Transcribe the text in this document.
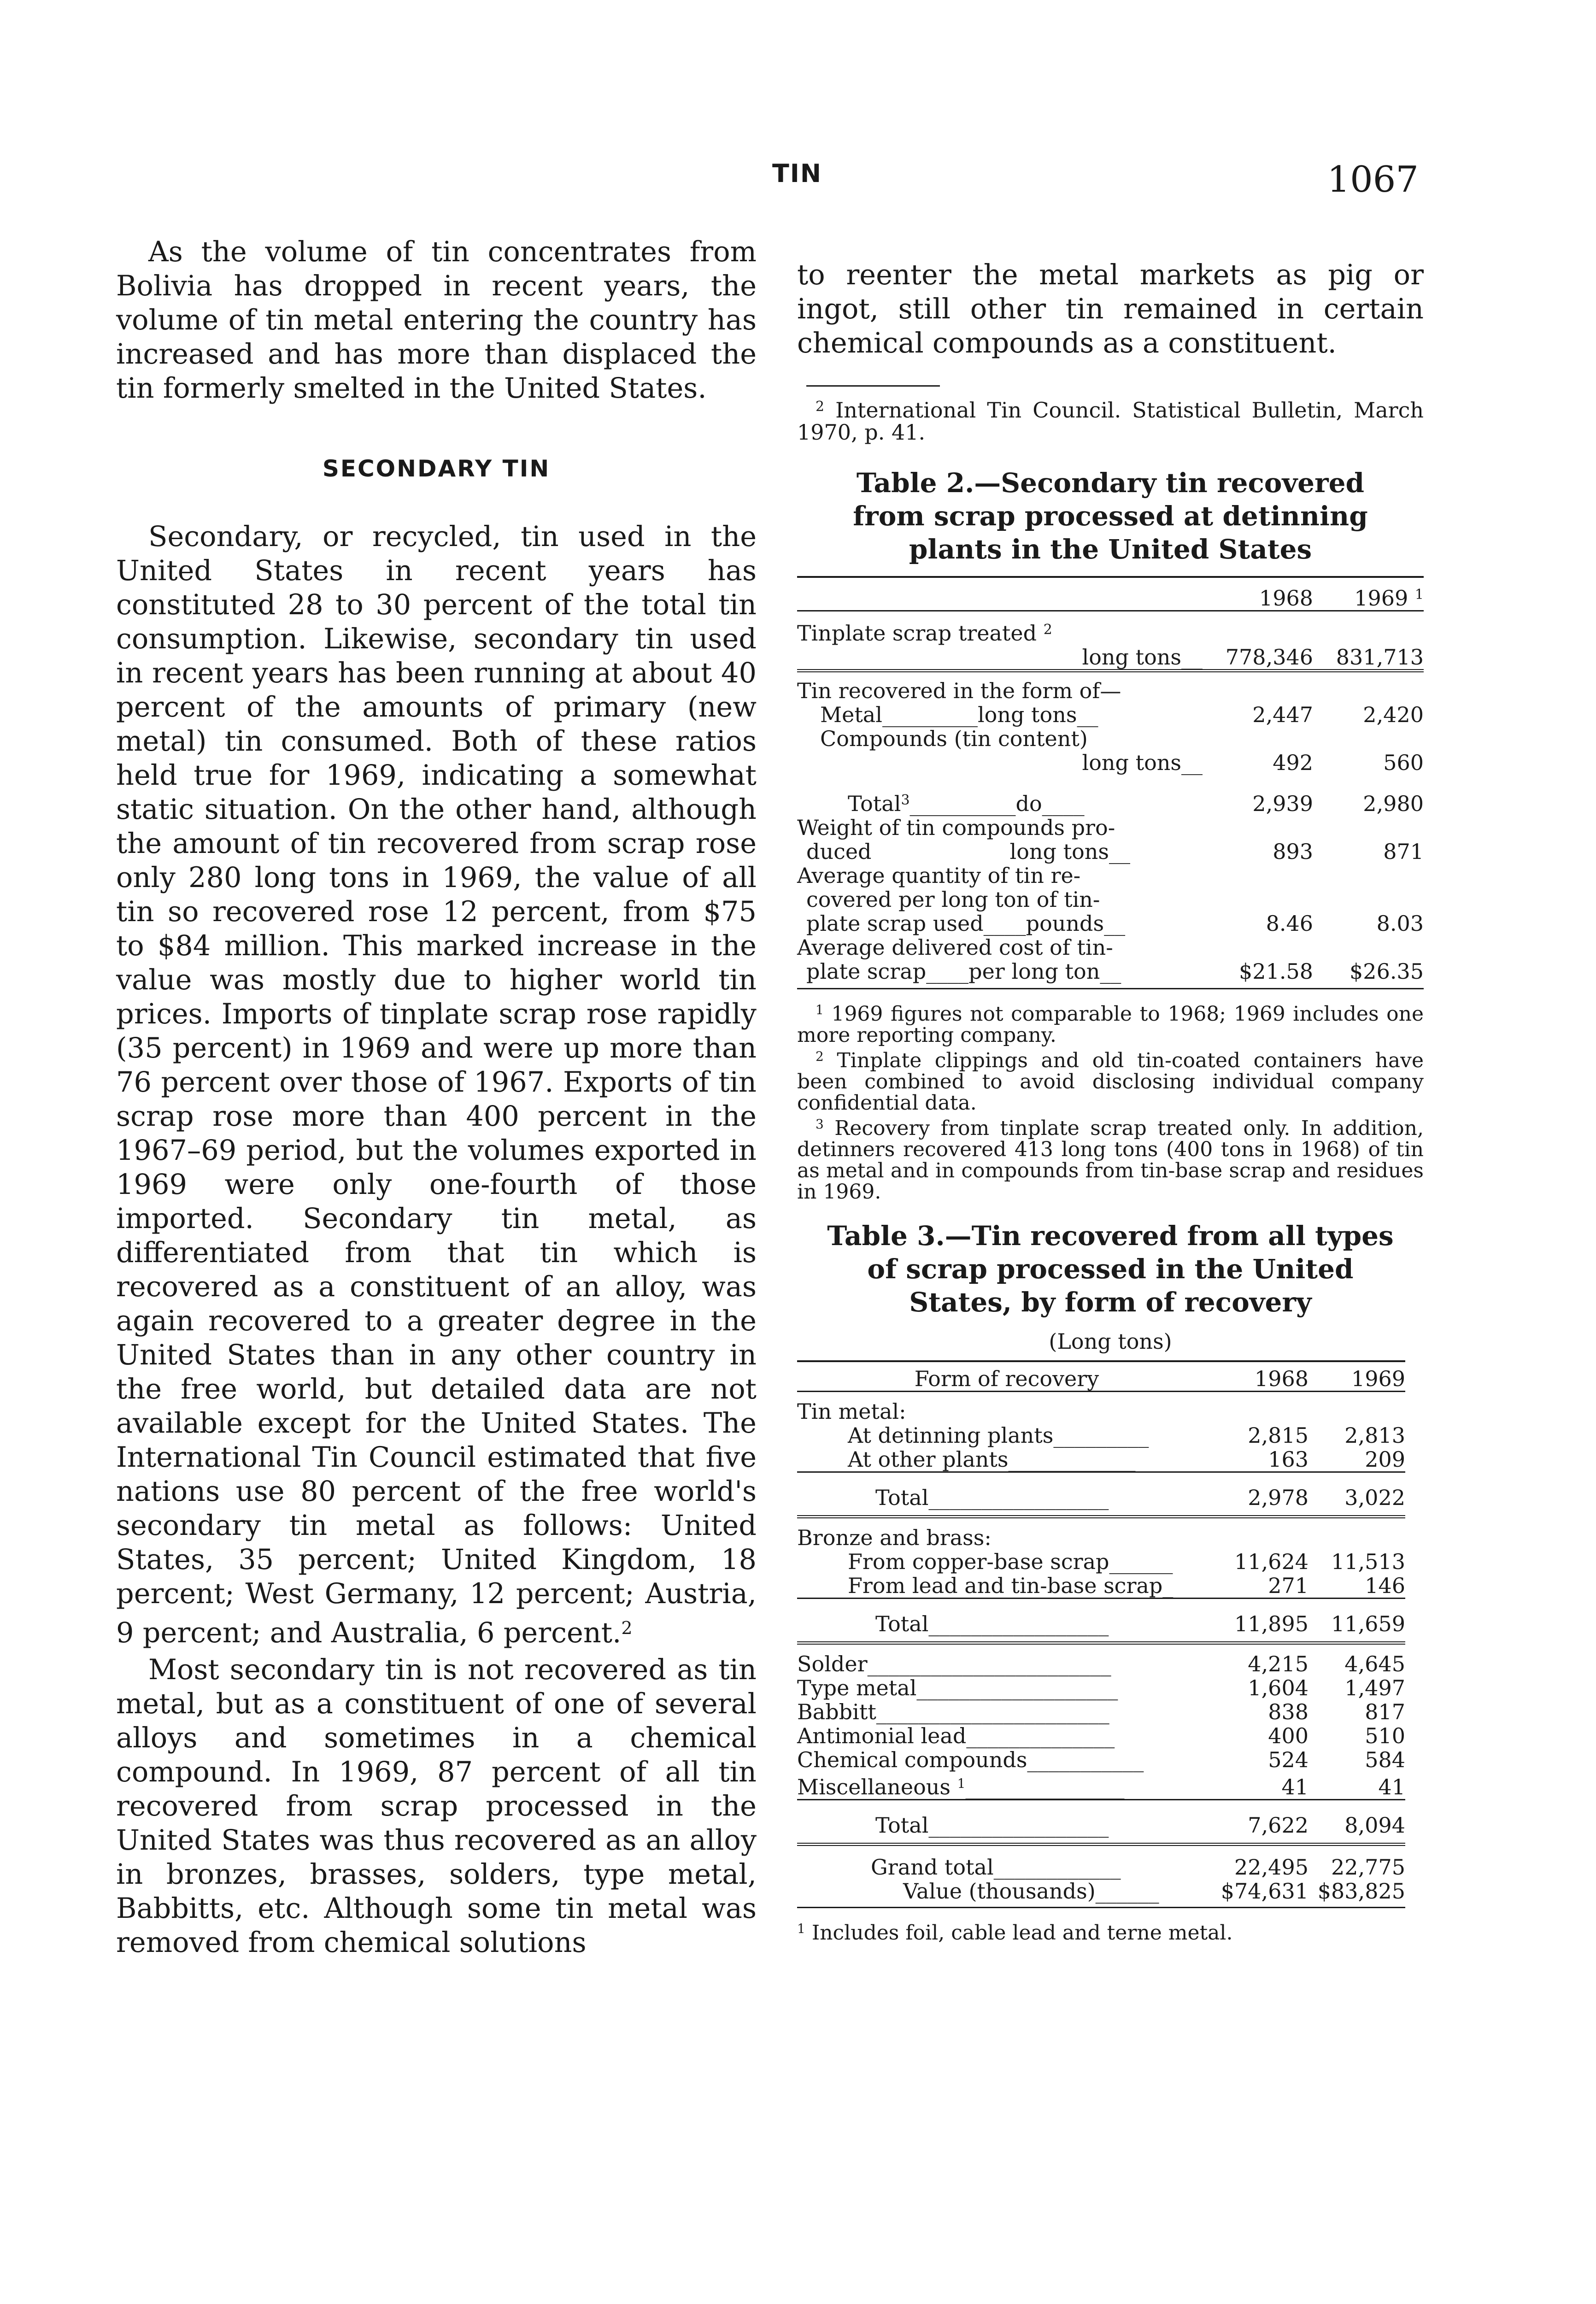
TIN	1067

As the volume of tin concentrates from Bolivia has dropped in recent years, the volume of tin metal entering the country has increased and has more than displaced the tin formerly smelted in the United States.

SECONDARY TIN

Secondary, or recycled, tin used in the United States in recent years has constituted 28 to 30 percent of the total tin consumption. Likewise, secondary tin used in recent years has been running at about 40 percent of the amounts of primary (new metal) tin consumed. Both of these ratios held true for 1969, indicating a somewhat static situation. On the other hand, although the amount of tin recovered from scrap rose only 280 long tons in 1969, the value of all tin so recovered rose 12 percent, from $75 to $84 million. This marked increase in the value was mostly due to higher world tin prices. Imports of tinplate scrap rose rapidly (35 percent) in 1969 and were up more than 76 percent over those of 1967. Exports of tin scrap rose more than 400 percent in the 1967–69 period, but the volumes exported in 1969 were only one-fourth of those imported. Secondary tin metal, as differentiated from that tin which is recovered as a constituent of an alloy, was again recovered to a greater degree in the United States than in any other country in the free world, but detailed data are not available except for the United States. The International Tin Council estimated that five nations use 80 percent of the free world's secondary tin metal as follows: United States, 35 percent; United Kingdom, 18 percent; West Germany, 12 percent; Austria, 9 percent; and Australia, 6 percent.$^2$

Most secondary tin is not recovered as tin metal, but as a constituent of one of several alloys and sometimes in a chemical compound. In 1969, 87 percent of all tin recovered from scrap processed in the United States was thus recovered as an alloy in bronzes, brasses, solders, type metal, Babbitts, etc. Although some tin metal was removed from chemical solutions

to reenter the metal markets as pig or ingot, still other tin remained in certain chemical compounds as a constituent.

$^2$ International Tin Council. Statistical Bulletin, March 1970, p. 41.

Table 2.—Secondary tin recovered from scrap processed at detinning plants in the United States
	1968	1969 $^1$
Tinplate scrap treated $^2$		
long tons__	778,346	831,713
Tin recovered in the form of—		
Metal_________long tons__	2,447	2,420
Compounds (tin content)		
long tons__	492	560
Total$^3$__________do____	2,939	2,980
Weight of tin compounds pro-		
duced long tons__	893	871
Average quantity of tin re-		
covered per long ton of tin-		
plate scrap used____pounds__	8.46	8.03
Average delivered cost of tin-		
plate scrap____per long ton__	$21.58	$26.35

$^1$ 1969 figures not comparable to 1968; 1969 includes one more reporting company.

$^2$ Tinplate clippings and old tin-coated containers have been combined to avoid disclosing individual company confidential data.

$^3$ Recovery from tinplate scrap treated only. In addition, detinners recovered 413 long tons (400 tons in 1968) of tin as metal and in compounds from tin-base scrap and residues in 1969.

Table 3.—Tin recovered from all types of scrap processed in the United States, by form of recovery
(Long tons)
Form of recovery	1968	1969
Tin metal:		
At detinning plants_________	2,815	2,813
At other plants____________	163	209
Total_________________	2,978	3,022
Bronze and brass:		
From copper-base scrap______	11,624	11,513
From lead and tin-base scrap_	271	146
Total_________________	11,895	11,659
Solder_______________________	4,215	4,645
Type metal___________________	1,604	1,497
Babbitt______________________	838	817
Antimonial lead______________	400	510
Chemical compounds___________	524	584
Miscellaneous $^1$_______________	41	41
Total_________________	7,622	8,094
Grand total____________	22,495	22,775
Value (thousands)______	$74,631	$83,825

$^1$ Includes foil, cable lead and terne metal.
